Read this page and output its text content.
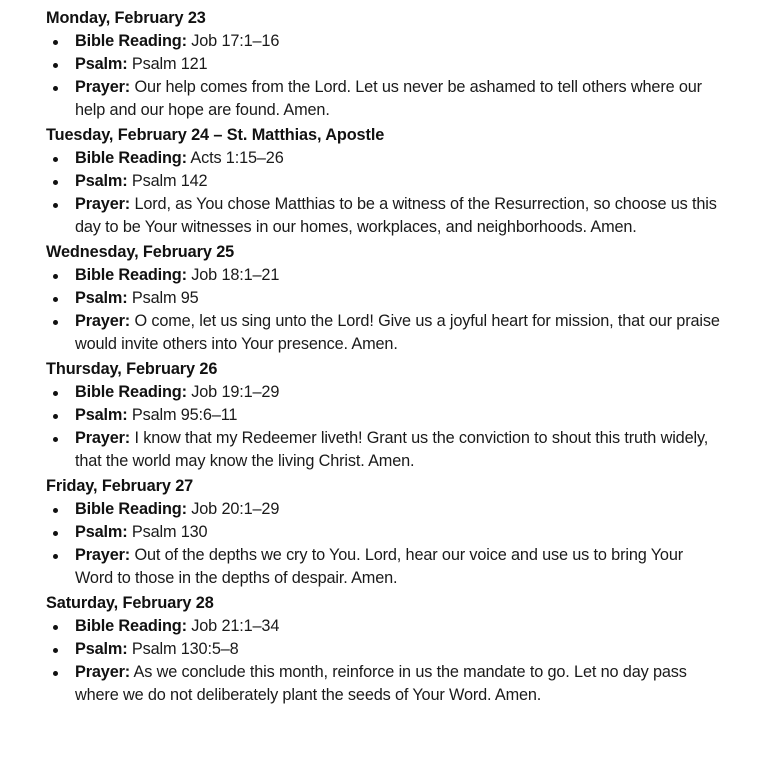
Monday, February 23
Bible Reading: Job 17:1–16
Psalm: Psalm 121
Prayer: Our help comes from the Lord. Let us never be ashamed to tell others where our help and our hope are found. Amen.
Tuesday, February 24 – St. Matthias, Apostle
Bible Reading: Acts 1:15–26
Psalm: Psalm 142
Prayer: Lord, as You chose Matthias to be a witness of the Resurrection, so choose us this day to be Your witnesses in our homes, workplaces, and neighborhoods. Amen.
Wednesday, February 25
Bible Reading: Job 18:1–21
Psalm: Psalm 95
Prayer: O come, let us sing unto the Lord! Give us a joyful heart for mission, that our praise would invite others into Your presence. Amen.
Thursday, February 26
Bible Reading: Job 19:1–29
Psalm: Psalm 95:6–11
Prayer: I know that my Redeemer liveth! Grant us the conviction to shout this truth widely, that the world may know the living Christ. Amen.
Friday, February 27
Bible Reading: Job 20:1–29
Psalm: Psalm 130
Prayer: Out of the depths we cry to You. Lord, hear our voice and use us to bring Your Word to those in the depths of despair. Amen.
Saturday, February 28
Bible Reading: Job 21:1–34
Psalm: Psalm 130:5–8
Prayer: As we conclude this month, reinforce in us the mandate to go. Let no day pass where we do not deliberately plant the seeds of Your Word. Amen.
